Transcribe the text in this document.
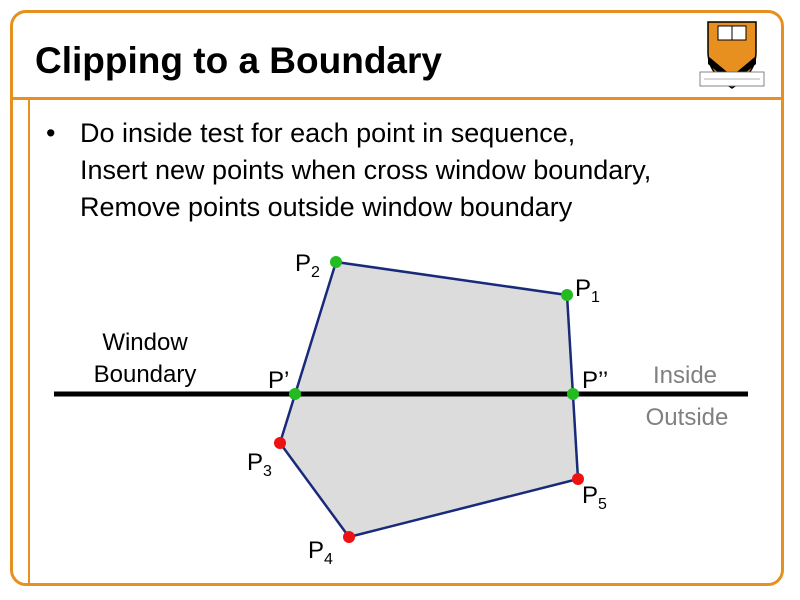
Clipping to a Boundary
• Do inside test for each point in sequence,
Insert new points when cross window boundary,
Remove points outside window boundary
$P_2$
$P_1$
$P_3$
$P_4$
$P_5$
P’	P’’
Window
Boundary	Inside
Outside
